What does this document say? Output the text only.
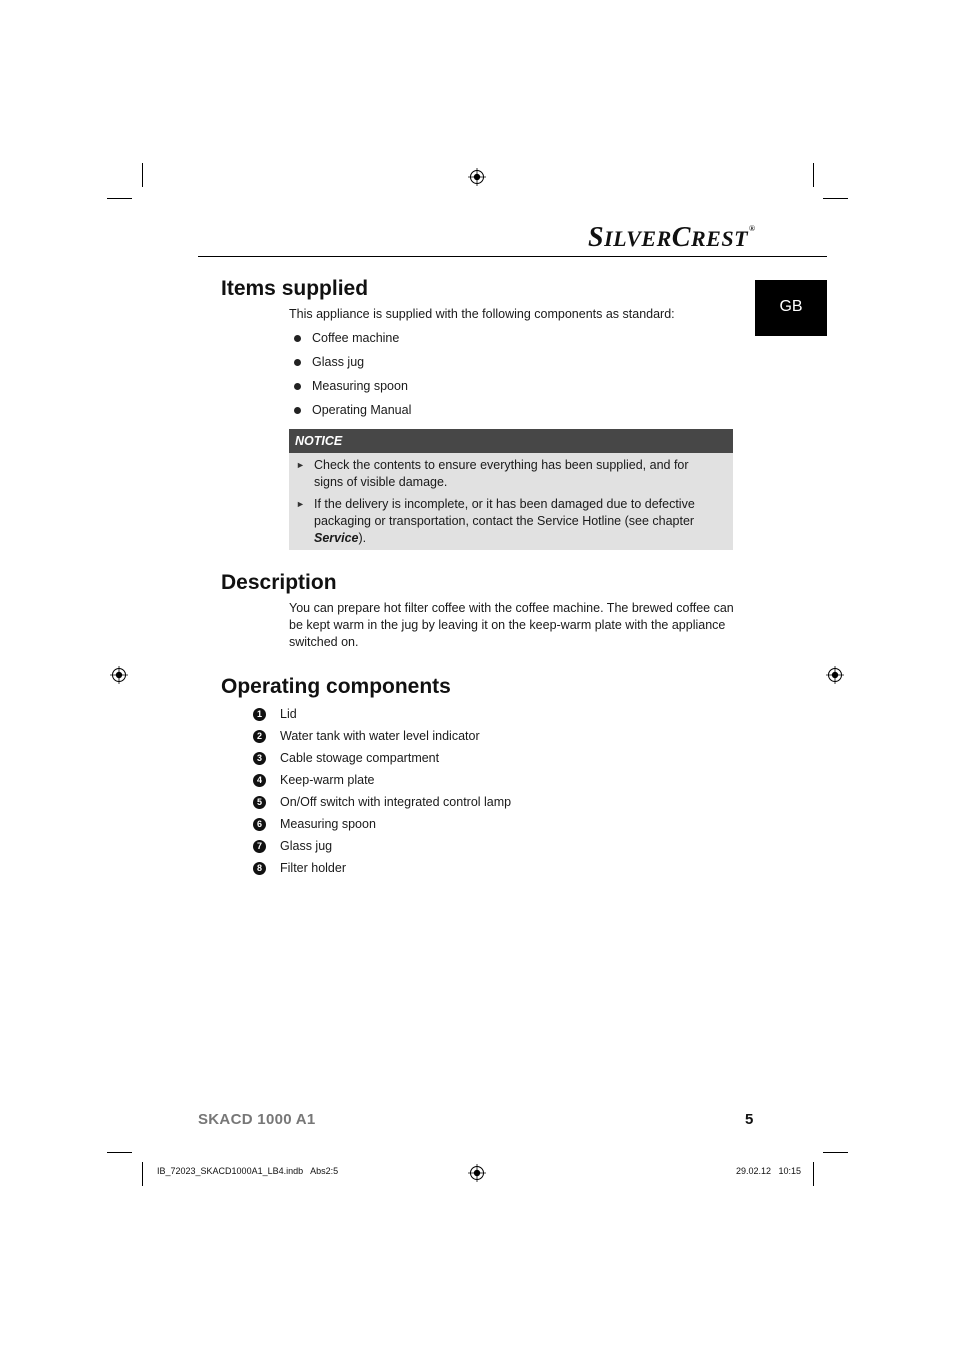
SILVERCREST®
GB
Items supplied
This appliance is supplied with the following components as standard:
Coffee machine
Glass jug
Measuring spoon
Operating Manual
NOTICE
► Check the contents to ensure everything has been supplied, and for signs of visible damage.
► If the delivery is incomplete, or it has been damaged due to defective packaging or transportation, contact the Service Hotline (see chapter Service).
Description
You can prepare hot filter coffee with the coffee machine. The brewed coffee can be kept warm in the jug by leaving it on the keep-warm plate with the appliance switched on.
Operating components
1	Lid
2	Water tank with water level indicator
3	Cable stowage compartment
4	Keep-warm plate
5	On/Off switch with integrated control lamp
6	Measuring spoon
7	Glass jug
8	Filter holder
SKACD 1000 A1	5
IB_72023_SKACD1000A1_LB4.indb   Abs2:5	29.02.12   10:15
